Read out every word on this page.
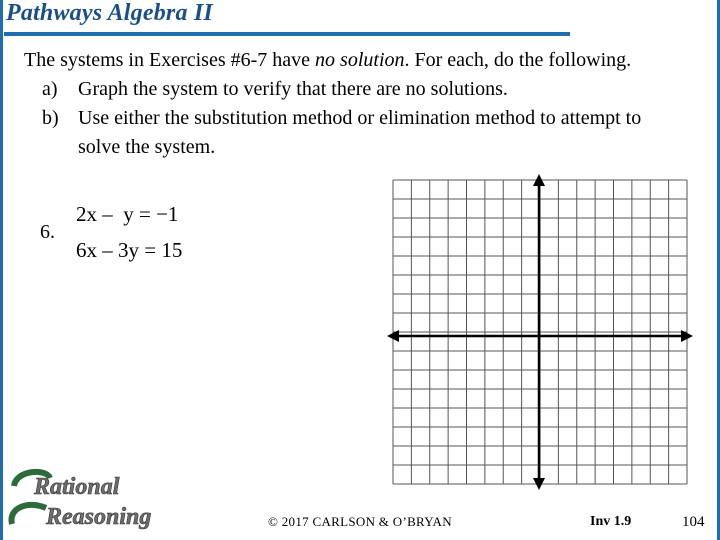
Pathways Algebra II

The systems in Exercises #6-7 have no solution. For each, do the following.

a) Graph the system to verify that there are no solutions.
b) Use either the substitution method or elimination method to attempt to solve the system.
6.
2x –  y = −1
6x – 3y = 15
Rational
Reasoning	© 2017 CARLSON & O’BRYAN	Inv 1.9	104
